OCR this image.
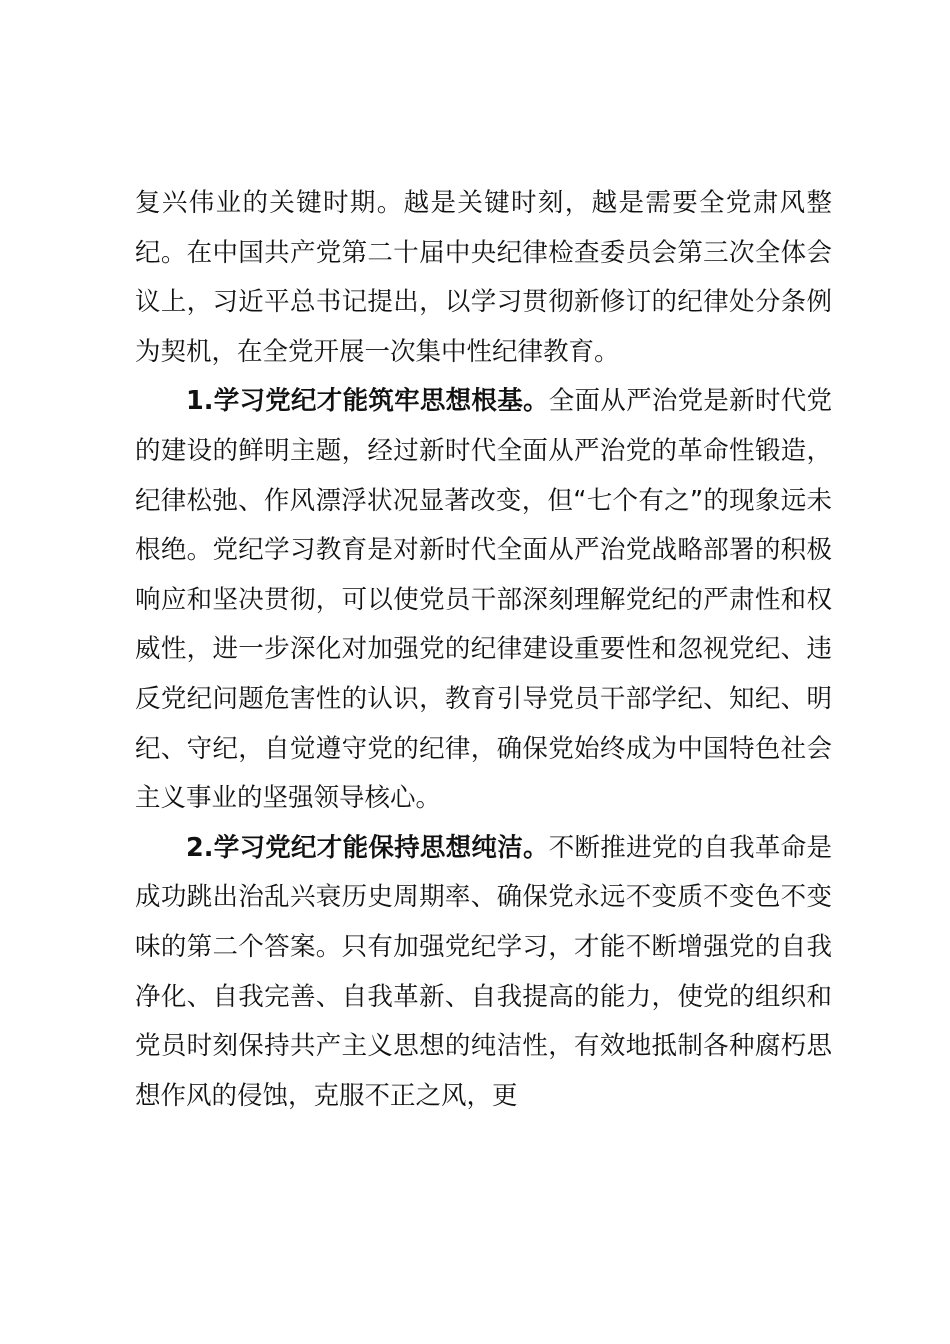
复兴伟业的关键时期。越是关键时刻，越是需要全党肃风整纪。在中国共产党第二十届中央纪律检查委员会第三次全体会议上，习近平总书记提出，以学习贯彻新修订的纪律处分条例为契机，在全党开展一次集中性纪律教育。

1.学习党纪才能筑牢思想根基。全面从严治党是新时代党的建设的鲜明主题，经过新时代全面从严治党的革命性锻造，纪律松弛、作风漂浮状况显著改变，但“七个有之”的现象远未根绝。党纪学习教育是对新时代全面从严治党战略部署的积极响应和坚决贯彻，可以使党员干部深刻理解党纪的严肃性和权威性，进一步深化对加强党的纪律建设重要性和忽视党纪、违反党纪问题危害性的认识，教育引导党员干部学纪、知纪、明纪、守纪，自觉遵守党的纪律，确保党始终成为中国特色社会主义事业的坚强领导核心。

2.学习党纪才能保持思想纯洁。不断推进党的自我革命是成功跳出治乱兴衰历史周期率、确保党永远不变质不变色不变味的第二个答案。只有加强党纪学习，才能不断增强党的自我净化、自我完善、自我革新、自我提高的能力，使党的组织和党员时刻保持共产主义思想的纯洁性，有效地抵制各种腐朽思想作风的侵蚀，克服不正之风，更
